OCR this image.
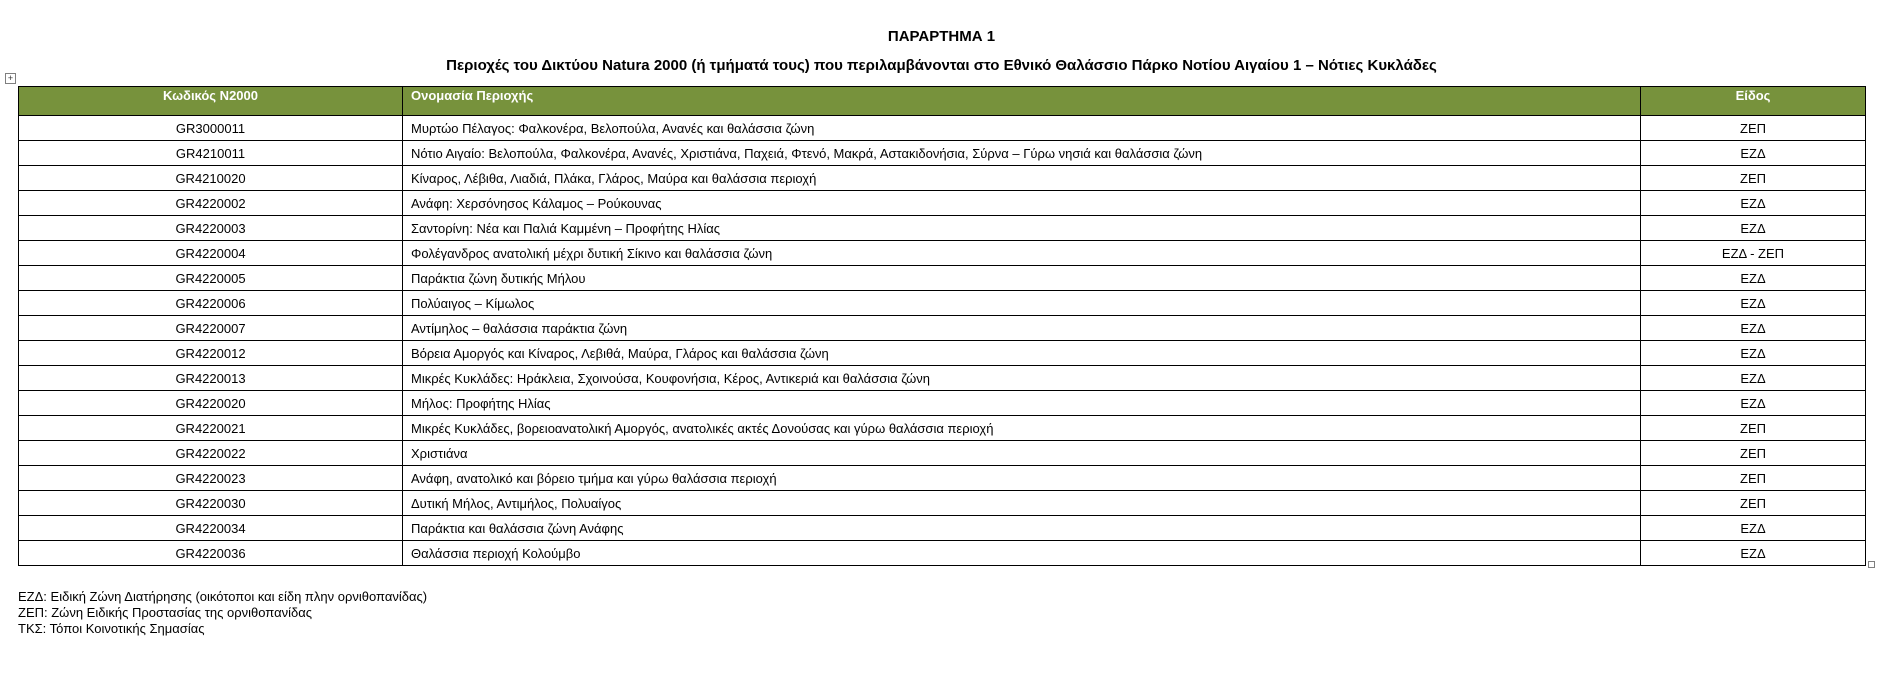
ΠΑΡΑΡΤΗΜΑ 1
Περιοχές του Δικτύου Natura 2000 (ή τμήματά τους) που περιλαμβάνονται στο Εθνικό Θαλάσσιο Πάρκο Νοτίου Αιγαίου 1 – Νότιες Κυκλάδες
+
Κωδικός N2000	Ονομασία Περιοχής	Είδος
GR3000011	Μυρτώο Πέλαγος: Φαλκονέρα, Βελοπούλα, Ανανές και θαλάσσια ζώνη	ΖΕΠ
GR4210011	Νότιο Αιγαίο: Βελοπούλα, Φαλκονέρα, Ανανές, Χριστιάνα, Παχειά, Φτενό, Μακρά, Αστακιδονήσια, Σύρνα – Γύρω νησιά και θαλάσσια ζώνη	ΕΖΔ
GR4210020	Κίναρος, Λέβιθα, Λιαδιά, Πλάκα, Γλάρος, Μαύρα και θαλάσσια περιοχή	ΖΕΠ
GR4220002	Ανάφη: Χερσόνησος Κάλαμος – Ρούκουνας	ΕΖΔ
GR4220003	Σαντορίνη: Νέα και Παλιά Καμμένη – Προφήτης Ηλίας	ΕΖΔ
GR4220004	Φολέγανδρος ανατολική μέχρι δυτική Σίκινο και θαλάσσια ζώνη	ΕΖΔ - ΖΕΠ
GR4220005	Παράκτια ζώνη δυτικής Μήλου	ΕΖΔ
GR4220006	Πολύαιγος – Κίμωλος	ΕΖΔ
GR4220007	Αντίμηλος – θαλάσσια παράκτια ζώνη	ΕΖΔ
GR4220012	Βόρεια Αμοργός και Κίναρος, Λεβιθά, Μαύρα, Γλάρος και θαλάσσια ζώνη	ΕΖΔ
GR4220013	Μικρές Κυκλάδες: Ηράκλεια, Σχοινούσα, Κουφονήσια, Κέρος, Αντικεριά και θαλάσσια ζώνη	ΕΖΔ
GR4220020	Μήλος: Προφήτης Ηλίας	ΕΖΔ
GR4220021	Μικρές Κυκλάδες, βορειοανατολική Αμοργός, ανατολικές ακτές Δονούσας και γύρω θαλάσσια περιοχή	ΖΕΠ
GR4220022	Χριστιάνα	ΖΕΠ
GR4220023	Ανάφη, ανατολικό και βόρειο τμήμα και γύρω θαλάσσια περιοχή	ΖΕΠ
GR4220030	Δυτική Μήλος, Αντιμήλος, Πολυαίγος	ΖΕΠ
GR4220034	Παράκτια και θαλάσσια ζώνη Ανάφης	ΕΖΔ
GR4220036	Θαλάσσια περιοχή Κολούμβο	ΕΖΔ
ΕΖΔ: Ειδική Ζώνη Διατήρησης (οικότοποι και είδη πλην ορνιθοπανίδας)
ΖΕΠ: Ζώνη Ειδικής Προστασίας της ορνιθοπανίδας
ΤΚΣ: Τόποι Κοινοτικής Σημασίας
